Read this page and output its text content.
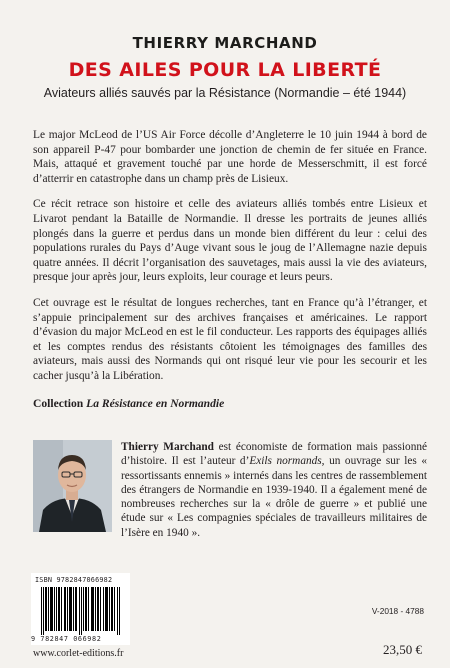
THIERRY MARCHAND
DES AILES POUR LA LIBERTÉ
Aviateurs alliés sauvés par la Résistance (Normandie – été 1944)

Le major McLeod de l’US Air Force décolle d’Angleterre le 10 juin 1944 à bord de son appareil P-47 pour bombarder une jonction de chemin de fer située en France. Mais, attaqué et gravement touché par une horde de Messerschmitt, il est forcé d’atterrir en catastrophe dans un champ près de Lisieux.

Ce récit retrace son histoire et celle des aviateurs alliés tombés entre Lisieux et Livarot pendant la Bataille de Normandie. Il dresse les portraits de jeunes alliés plongés dans la guerre et perdus dans un monde bien différent du leur : celui des populations rurales du Pays d’Auge vivant sous le joug de l’Allemagne nazie depuis quatre années. Il décrit l’organisation des sauvetages, mais aussi la vie des aviateurs, presque jour après jour, leurs exploits, leur courage et leurs peurs.

Cet ouvrage est le résultat de longues recherches, tant en France qu’à l’étranger, et s’appuie principalement sur des archives françaises et américaines. Le rapport d’évasion du major McLeod en est le fil conducteur. Les rapports des équipages alliés et les comptes rendus des résistants côtoient les témoignages des familles des aviateurs, mais aussi des Normands qui ont risqué leur vie pour les secourir et les cacher jusqu’à la Libération.

Collection La Résistance en Normandie

Thierry Marchand est économiste de formation mais passionné d’histoire. Il est l’auteur d’Exils normands, un ouvrage sur les « ressortissants ennemis » internés dans les centres de rassemblement des étrangers de Normandie en 1939-1940. Il a également mené de nombreuses recherches sur la « drôle de guerre » et publié une étude sur « Les compagnies spéciales de travailleurs militaires de l’Isère en 1940 ».
ISBN 9782847066982
9 782847 066982
www.corlet-editions.fr
V-2018 - 4788
23,50 €
